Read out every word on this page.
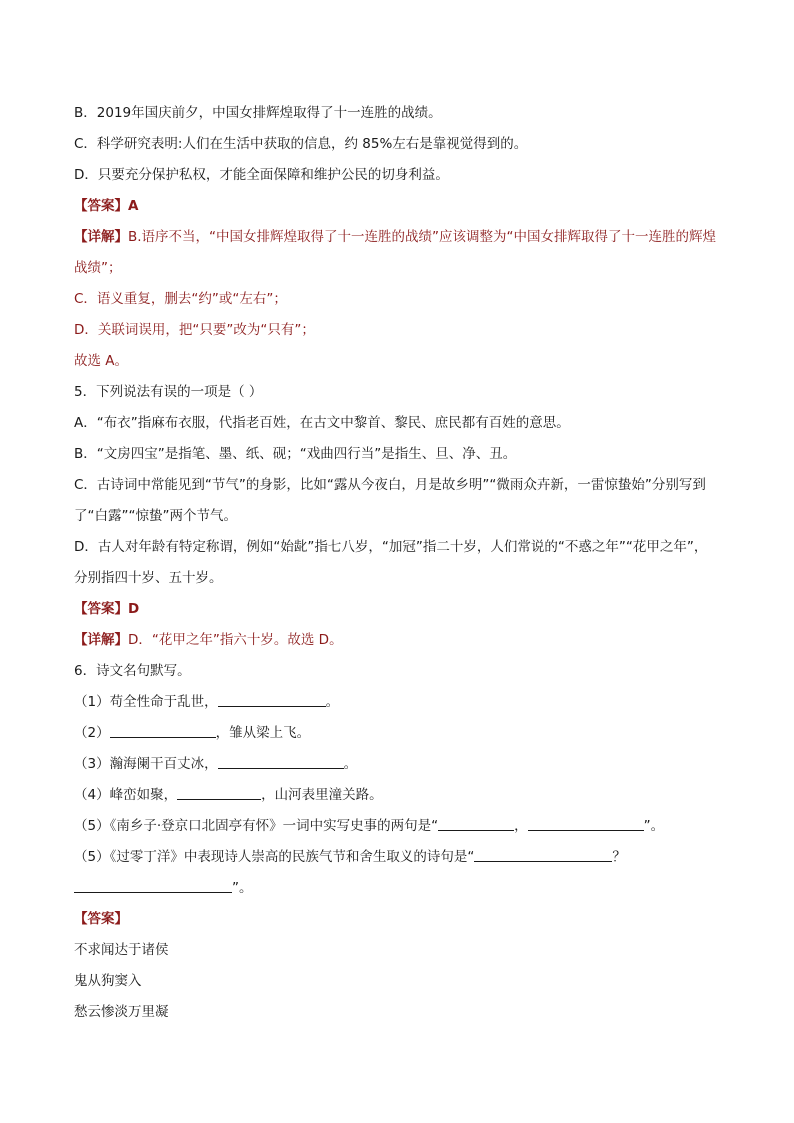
B．2019年国庆前夕，中国女排辉煌取得了十一连胜的战绩。
C．科学研究表明:人们在生活中获取的信息，约 85%左右是靠视觉得到的。
D．只要充分保护私权，才能全面保障和维护公民的切身利益。
【答案】A
【详解】B.语序不当，“中国女排辉煌取得了十一连胜的战绩”应该调整为“中国女排辉取得了十一连胜的辉煌战绩”；
C．语义重复，删去“约”或“左右”；
D．关联词误用，把“只要”改为“只有”；
故选 A。
5．下列说法有误的一项是（ ）
A．“布衣”指麻布衣服，代指老百姓，在古文中黎首、黎民、庶民都有百姓的意思。
B．“文房四宝”是指笔、墨、纸、砚；“戏曲四行当”是指生、旦、净、丑。
C．古诗词中常能见到“节气”的身影，比如“露从今夜白，月是故乡明”“微雨众卉新，一雷惊蛰始”分别写到
了“白露”“惊蛰”两个节气。
D．古人对年龄有特定称谓，例如“始龀”指七八岁，“加冠”指二十岁，人们常说的“不惑之年”“花甲之年”，
分别指四十岁、五十岁。
【答案】D
【详解】D．“花甲之年”指六十岁。故选 D。
6．诗文名句默写。
（1）苟全性命于乱世，	。
（2）	，雏从梁上飞。
（3）瀚海阑干百丈冰，	。
（4）峰峦如聚，	，山河表里潼关路。
（5）《南乡子·登京口北固亭有怀》一词中实写史事的两句是“	，	”。
（5）《过零丁洋》中表现诗人崇高的民族气节和舍生取义的诗句是“	？
”。
【答案】
不求闻达于诸侯
鬼从狗窦入
愁云惨淡万里凝
